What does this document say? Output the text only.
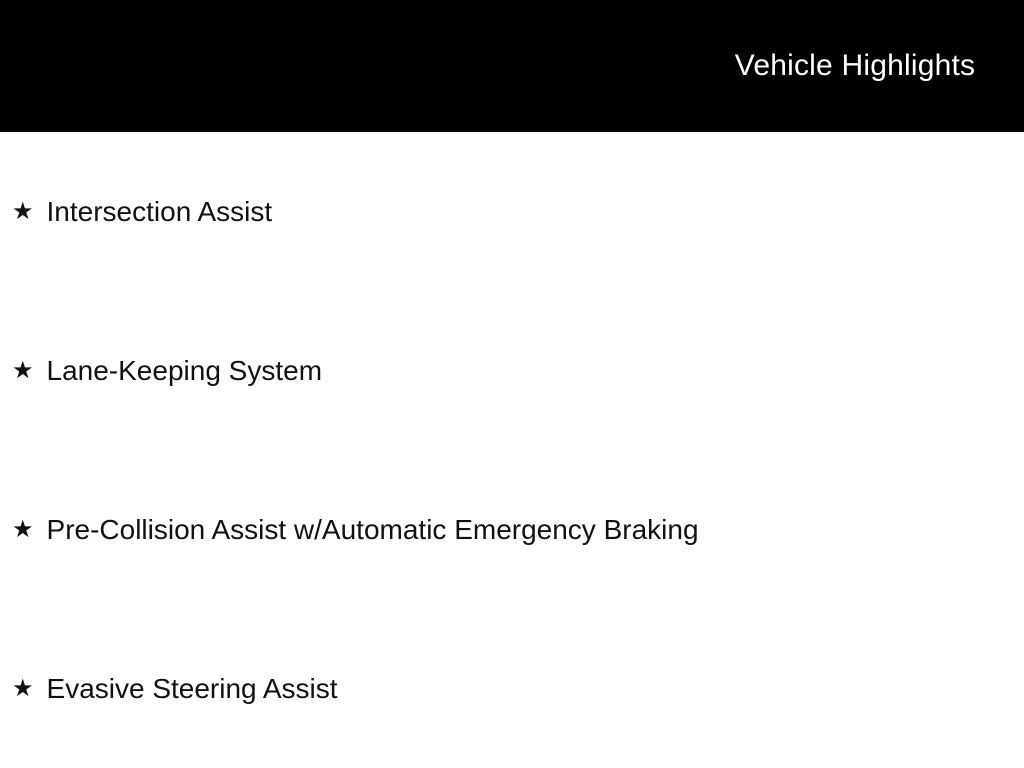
Vehicle Highlights
★ Intersection Assist
★ Lane-Keeping System
★ Pre-Collision Assist w/Automatic Emergency Braking
★ Evasive Steering Assist
